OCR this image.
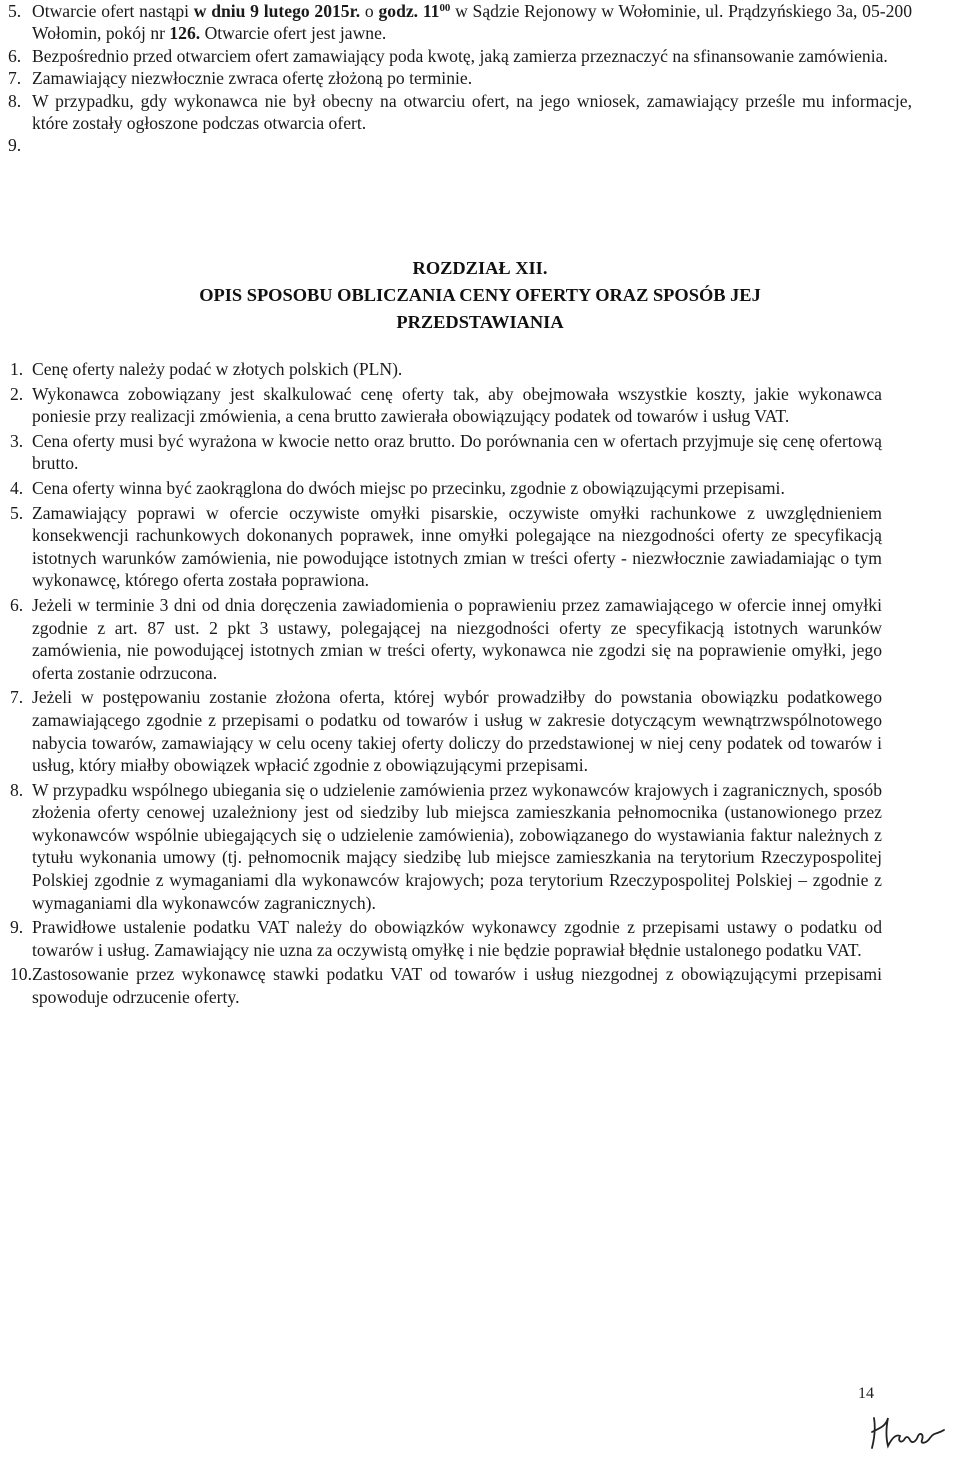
5. Otwarcie ofert nastąpi w dniu 9 lutego 2015r. o godz. $11^{00}$ w Sądzie Rejonowy w Wołominie, ul. Prądzyńskiego 3a, 05-200 Wołomin, pokój nr 126. Otwarcie ofert jest jawne.
6. Bezpośrednio przed otwarciem ofert zamawiający poda kwotę, jaką zamierza przeznaczyć na sfinansowanie zamówienia.
7. Zamawiający niezwłocznie zwraca ofertę złożoną po terminie.
8. W przypadku, gdy wykonawca nie był obecny na otwarciu ofert, na jego wniosek, zamawiający prześle mu informacje, które zostały ogłoszone podczas otwarcia ofert.
9.

ROZDZIAŁ XII.
OPIS SPOSOBU OBLICZANIA CENY OFERTY ORAZ SPOSÓB JEJ
PRZEDSTAWIANIA
1. Cenę oferty należy podać w złotych polskich (PLN).
2. Wykonawca zobowiązany jest skalkulować cenę oferty tak, aby obejmowała wszystkie koszty, jakie wykonawca poniesie przy realizacji zmówienia, a cena brutto zawierała obowiązujący podatek od towarów i usług VAT.
3. Cena oferty musi być wyrażona w kwocie netto oraz brutto. Do porównania cen w ofertach przyjmuje się cenę ofertową brutto.
4. Cena oferty winna być zaokrąglona do dwóch miejsc po przecinku, zgodnie z obowiązującymi przepisami.
5. Zamawiający poprawi w ofercie oczywiste omyłki pisarskie, oczywiste omyłki rachunkowe z uwzględnieniem konsekwencji rachunkowych dokonanych poprawek, inne omyłki polegające na niezgodności oferty ze specyfikacją istotnych warunków zamówienia, nie powodujące istotnych zmian w treści oferty - niezwłocznie zawiadamiając o tym wykonawcę, którego oferta została poprawiona.
6. Jeżeli w terminie 3 dni od dnia doręczenia zawiadomienia o poprawieniu przez zamawiającego w ofercie innej omyłki zgodnie z art. 87 ust. 2 pkt 3 ustawy, polegającej na niezgodności oferty ze specyfikacją istotnych warunków zamówienia, nie powodującej istotnych zmian w treści oferty, wykonawca nie zgodzi się na poprawienie omyłki, jego oferta zostanie odrzucona.
7. Jeżeli w postępowaniu zostanie złożona oferta, której wybór prowadziłby do powstania obowiązku podatkowego zamawiającego zgodnie z przepisami o podatku od towarów i usług w zakresie dotyczącym wewnątrzwspólnotowego nabycia towarów, zamawiający w celu oceny takiej oferty doliczy do przedstawionej w niej ceny podatek od towarów i usług, który miałby obowiązek wpłacić zgodnie z obowiązującymi przepisami.
8. W przypadku wspólnego ubiegania się o udzielenie zamówienia przez wykonawców krajowych i zagranicznych, sposób złożenia oferty cenowej uzależniony jest od siedziby lub miejsca zamieszkania pełnomocnika (ustanowionego przez wykonawców wspólnie ubiegających się o udzielenie zamówienia), zobowiązanego do wystawiania faktur należnych z tytułu wykonania umowy (tj. pełnomocnik mający siedzibę lub miejsce zamieszkania na terytorium Rzeczypospolitej Polskiej zgodnie z wymaganiami dla wykonawców krajowych; poza terytorium Rzeczypospolitej Polskiej – zgodnie z wymaganiami dla wykonawców zagranicznych).
9. Prawidłowe ustalenie podatku VAT należy do obowiązków wykonawcy zgodnie z przepisami ustawy o podatku od towarów i usług. Zamawiający nie uzna za oczywistą omyłkę i nie będzie poprawiał błędnie ustalonego podatku VAT.
10. Zastosowanie przez wykonawcę stawki podatku VAT od towarów i usług niezgodnej z obowiązującymi przepisami spowoduje odrzucenie oferty.
14
